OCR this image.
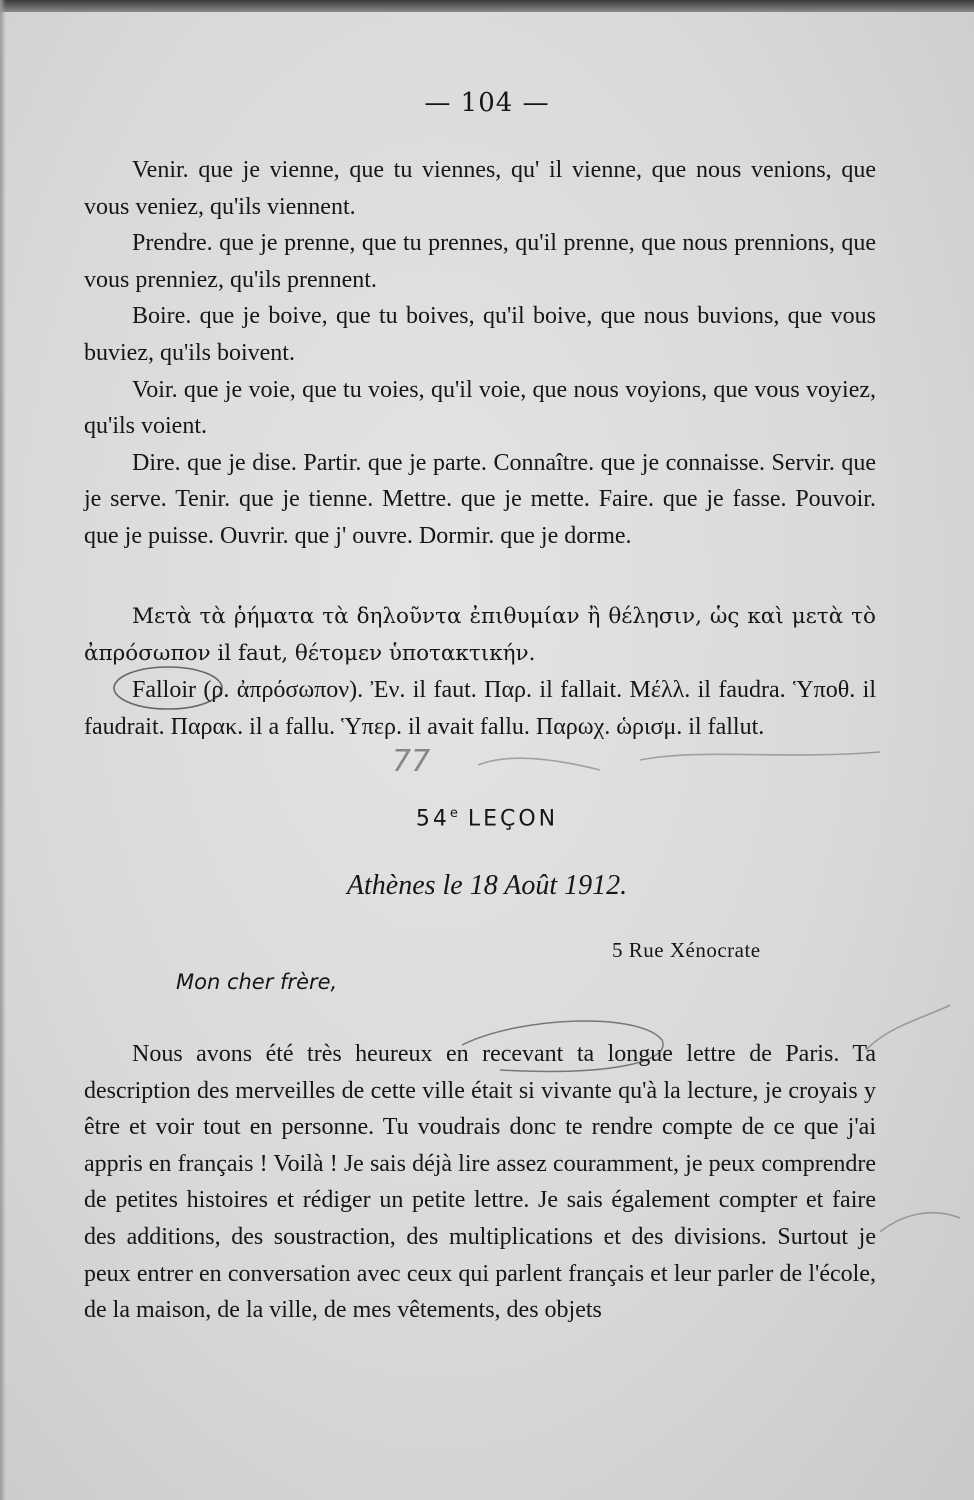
— 104 —

Venir. que je vienne, que tu viennes, qu' il vienne, que nous venions, que vous veniez, qu'ils viennent.

Prendre. que je prenne, que tu prennes, qu'il prenne, que nous prennions, que vous prenniez, qu'ils prennent.

Boire. que je boive, que tu boives, qu'il boive, que nous buvions, que vous buviez, qu'ils boivent.

Voir. que je voie, que tu voies, qu'il voie, que nous voyions, que vous voyiez, qu'ils voient.

Dire. que je dise. Partir. que je parte. Connaître. que je connaisse. Servir. que je serve. Tenir. que je tienne. Mettre. que je mette. Faire. que je fasse. Pouvoir. que je puisse. Ouvrir. que j' ouvre. Dormir. que je dorme.

Μετὰ τὰ ῥήματα τὰ δηλοῦντα ἐπιθυμίαν ἢ θέλησιν, ὡς καὶ μετὰ τὸ ἀπρόσωπον il faut, θέτομεν ὑποτακτικήν.

Falloir (ρ. ἀπρόσωπον). Ἐν. il faut. Παρ. il fallait. Μέλλ. il faudra. Ὑποθ. il faudrait. Παρακ. il a fallu. Ὑπερ. il avait fallu. Παρωχ. ὡρισμ. il fallut.

77
54e LEÇON
Athènes le 18 Août 1912.
5 Rue Xénocrate
Mon cher frère,

Nous avons été très heureux en recevant ta longue lettre de Paris. Ta description des merveilles de cette ville était si vivante qu'à la lecture, je croyais y être et voir tout en personne. Tu voudrais donc te rendre compte de ce que j'ai appris en français ! Voilà ! Je sais déjà lire assez couramment, je peux comprendre de petites histoires et rédiger un petite lettre. Je sais également compter et faire des additions, des soustraction, des multiplications et des divisions. Surtout je peux entrer en conversation avec ceux qui parlent français et leur parler de l'école, de la maison, de la ville, de mes vêtements, des objets
